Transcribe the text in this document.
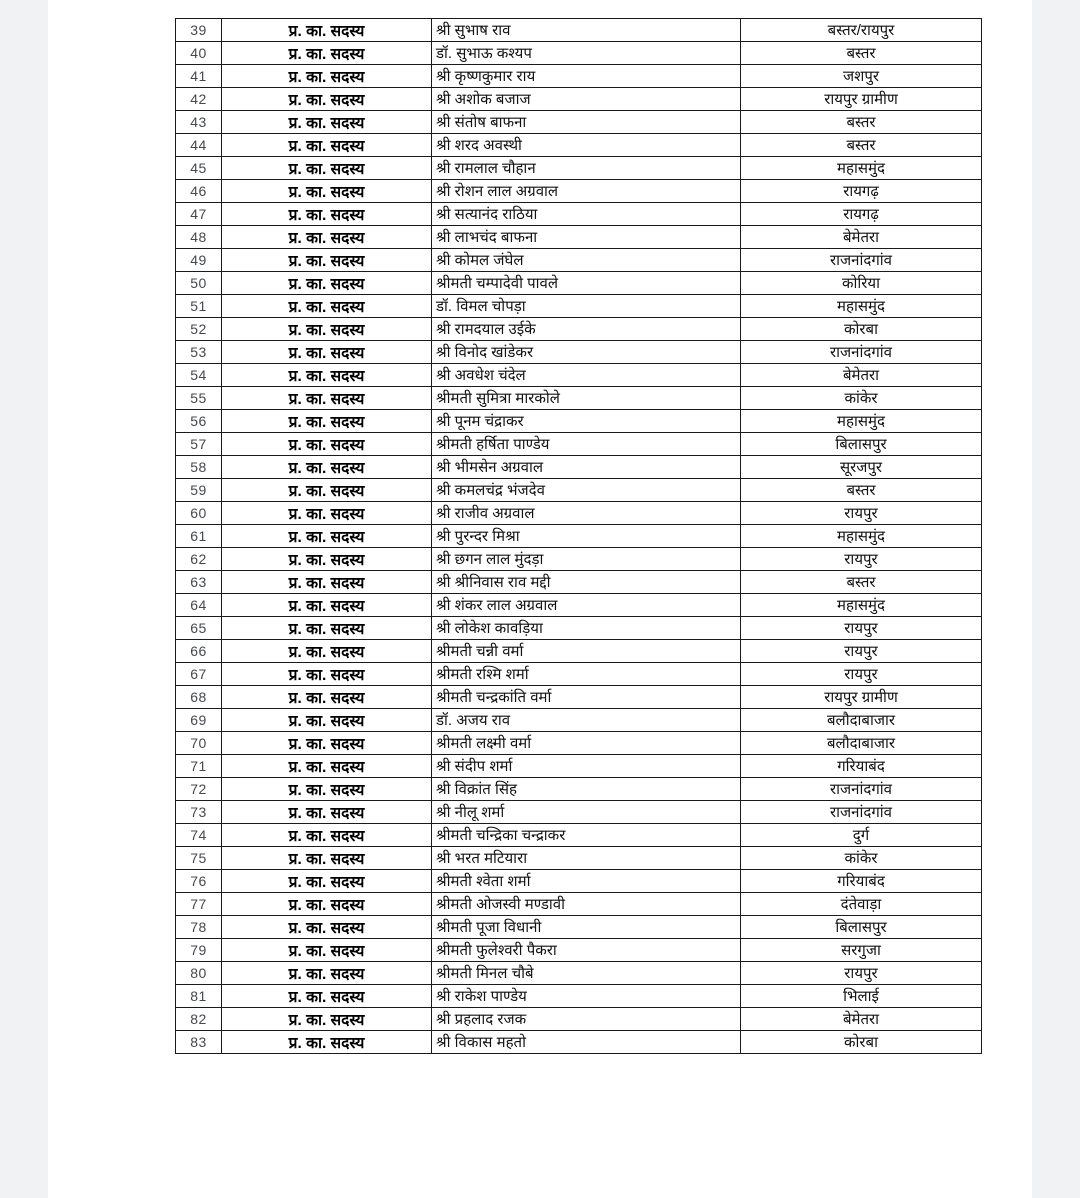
39	प्र. का. सदस्य	श्री सुभाष राव	बस्तर/रायपुर
40	प्र. का. सदस्य	डॉ. सुभाऊ कश्यप	बस्तर
41	प्र. का. सदस्य	श्री कृष्णकुमार राय	जशपुर
42	प्र. का. सदस्य	श्री अशोक बजाज	रायपुर ग्रामीण
43	प्र. का. सदस्य	श्री संतोष बाफना	बस्तर
44	प्र. का. सदस्य	श्री शरद अवस्थी	बस्तर
45	प्र. का. सदस्य	श्री रामलाल चौहान	महासमुंद
46	प्र. का. सदस्य	श्री रोशन लाल अग्रवाल	रायगढ़
47	प्र. का. सदस्य	श्री सत्यानंद राठिया	रायगढ़
48	प्र. का. सदस्य	श्री लाभचंद बाफना	बेमेतरा
49	प्र. का. सदस्य	श्री कोमल जंघेल	राजनांदगांव
50	प्र. का. सदस्य	श्रीमती चम्पादेवी पावले	कोरिया
51	प्र. का. सदस्य	डॉ. विमल चोपड़ा	महासमुंद
52	प्र. का. सदस्य	श्री रामदयाल उईके	कोरबा
53	प्र. का. सदस्य	श्री विनोद खांडेकर	राजनांदगांव
54	प्र. का. सदस्य	श्री अवधेश चंदेल	बेमेतरा
55	प्र. का. सदस्य	श्रीमती सुमित्रा मारकोले	कांकेर
56	प्र. का. सदस्य	श्री पूनम चंद्राकर	महासमुंद
57	प्र. का. सदस्य	श्रीमती हर्षिता पाण्डेय	बिलासपुर
58	प्र. का. सदस्य	श्री भीमसेन अग्रवाल	सूरजपुर
59	प्र. का. सदस्य	श्री कमलचंद्र भंजदेव	बस्तर
60	प्र. का. सदस्य	श्री राजीव अग्रवाल	रायपुर
61	प्र. का. सदस्य	श्री पुरन्दर मिश्रा	महासमुंद
62	प्र. का. सदस्य	श्री छगन लाल मुंदड़ा	रायपुर
63	प्र. का. सदस्य	श्री श्रीनिवास राव मद्दी	बस्तर
64	प्र. का. सदस्य	श्री शंकर लाल अग्रवाल	महासमुंद
65	प्र. का. सदस्य	श्री लोकेश कावड़िया	रायपुर
66	प्र. का. सदस्य	श्रीमती चन्नी वर्मा	रायपुर
67	प्र. का. सदस्य	श्रीमती रश्मि शर्मा	रायपुर
68	प्र. का. सदस्य	श्रीमती चन्द्रकांति वर्मा	रायपुर ग्रामीण
69	प्र. का. सदस्य	डॉ. अजय राव	बलौदाबाजार
70	प्र. का. सदस्य	श्रीमती लक्ष्मी वर्मा	बलौदाबाजार
71	प्र. का. सदस्य	श्री संदीप शर्मा	गरियाबंद
72	प्र. का. सदस्य	श्री विक्रांत सिंह	राजनांदगांव
73	प्र. का. सदस्य	श्री नीलू शर्मा	राजनांदगांव
74	प्र. का. सदस्य	श्रीमती चन्द्रिका चन्द्राकर	दुर्ग
75	प्र. का. सदस्य	श्री भरत मटियारा	कांकेर
76	प्र. का. सदस्य	श्रीमती श्वेता शर्मा	गरियाबंद
77	प्र. का. सदस्य	श्रीमती ओजस्वी मण्डावी	दंतेवाड़ा
78	प्र. का. सदस्य	श्रीमती पूजा विधानी	बिलासपुर
79	प्र. का. सदस्य	श्रीमती फुलेश्वरी पैकरा	सरगुजा
80	प्र. का. सदस्य	श्रीमती मिनल चौबे	रायपुर
81	प्र. का. सदस्य	श्री राकेश पाण्डेय	भिलाई
82	प्र. का. सदस्य	श्री प्रहलाद रजक	बेमेतरा
83	प्र. का. सदस्य	श्री विकास महतो	कोरबा
